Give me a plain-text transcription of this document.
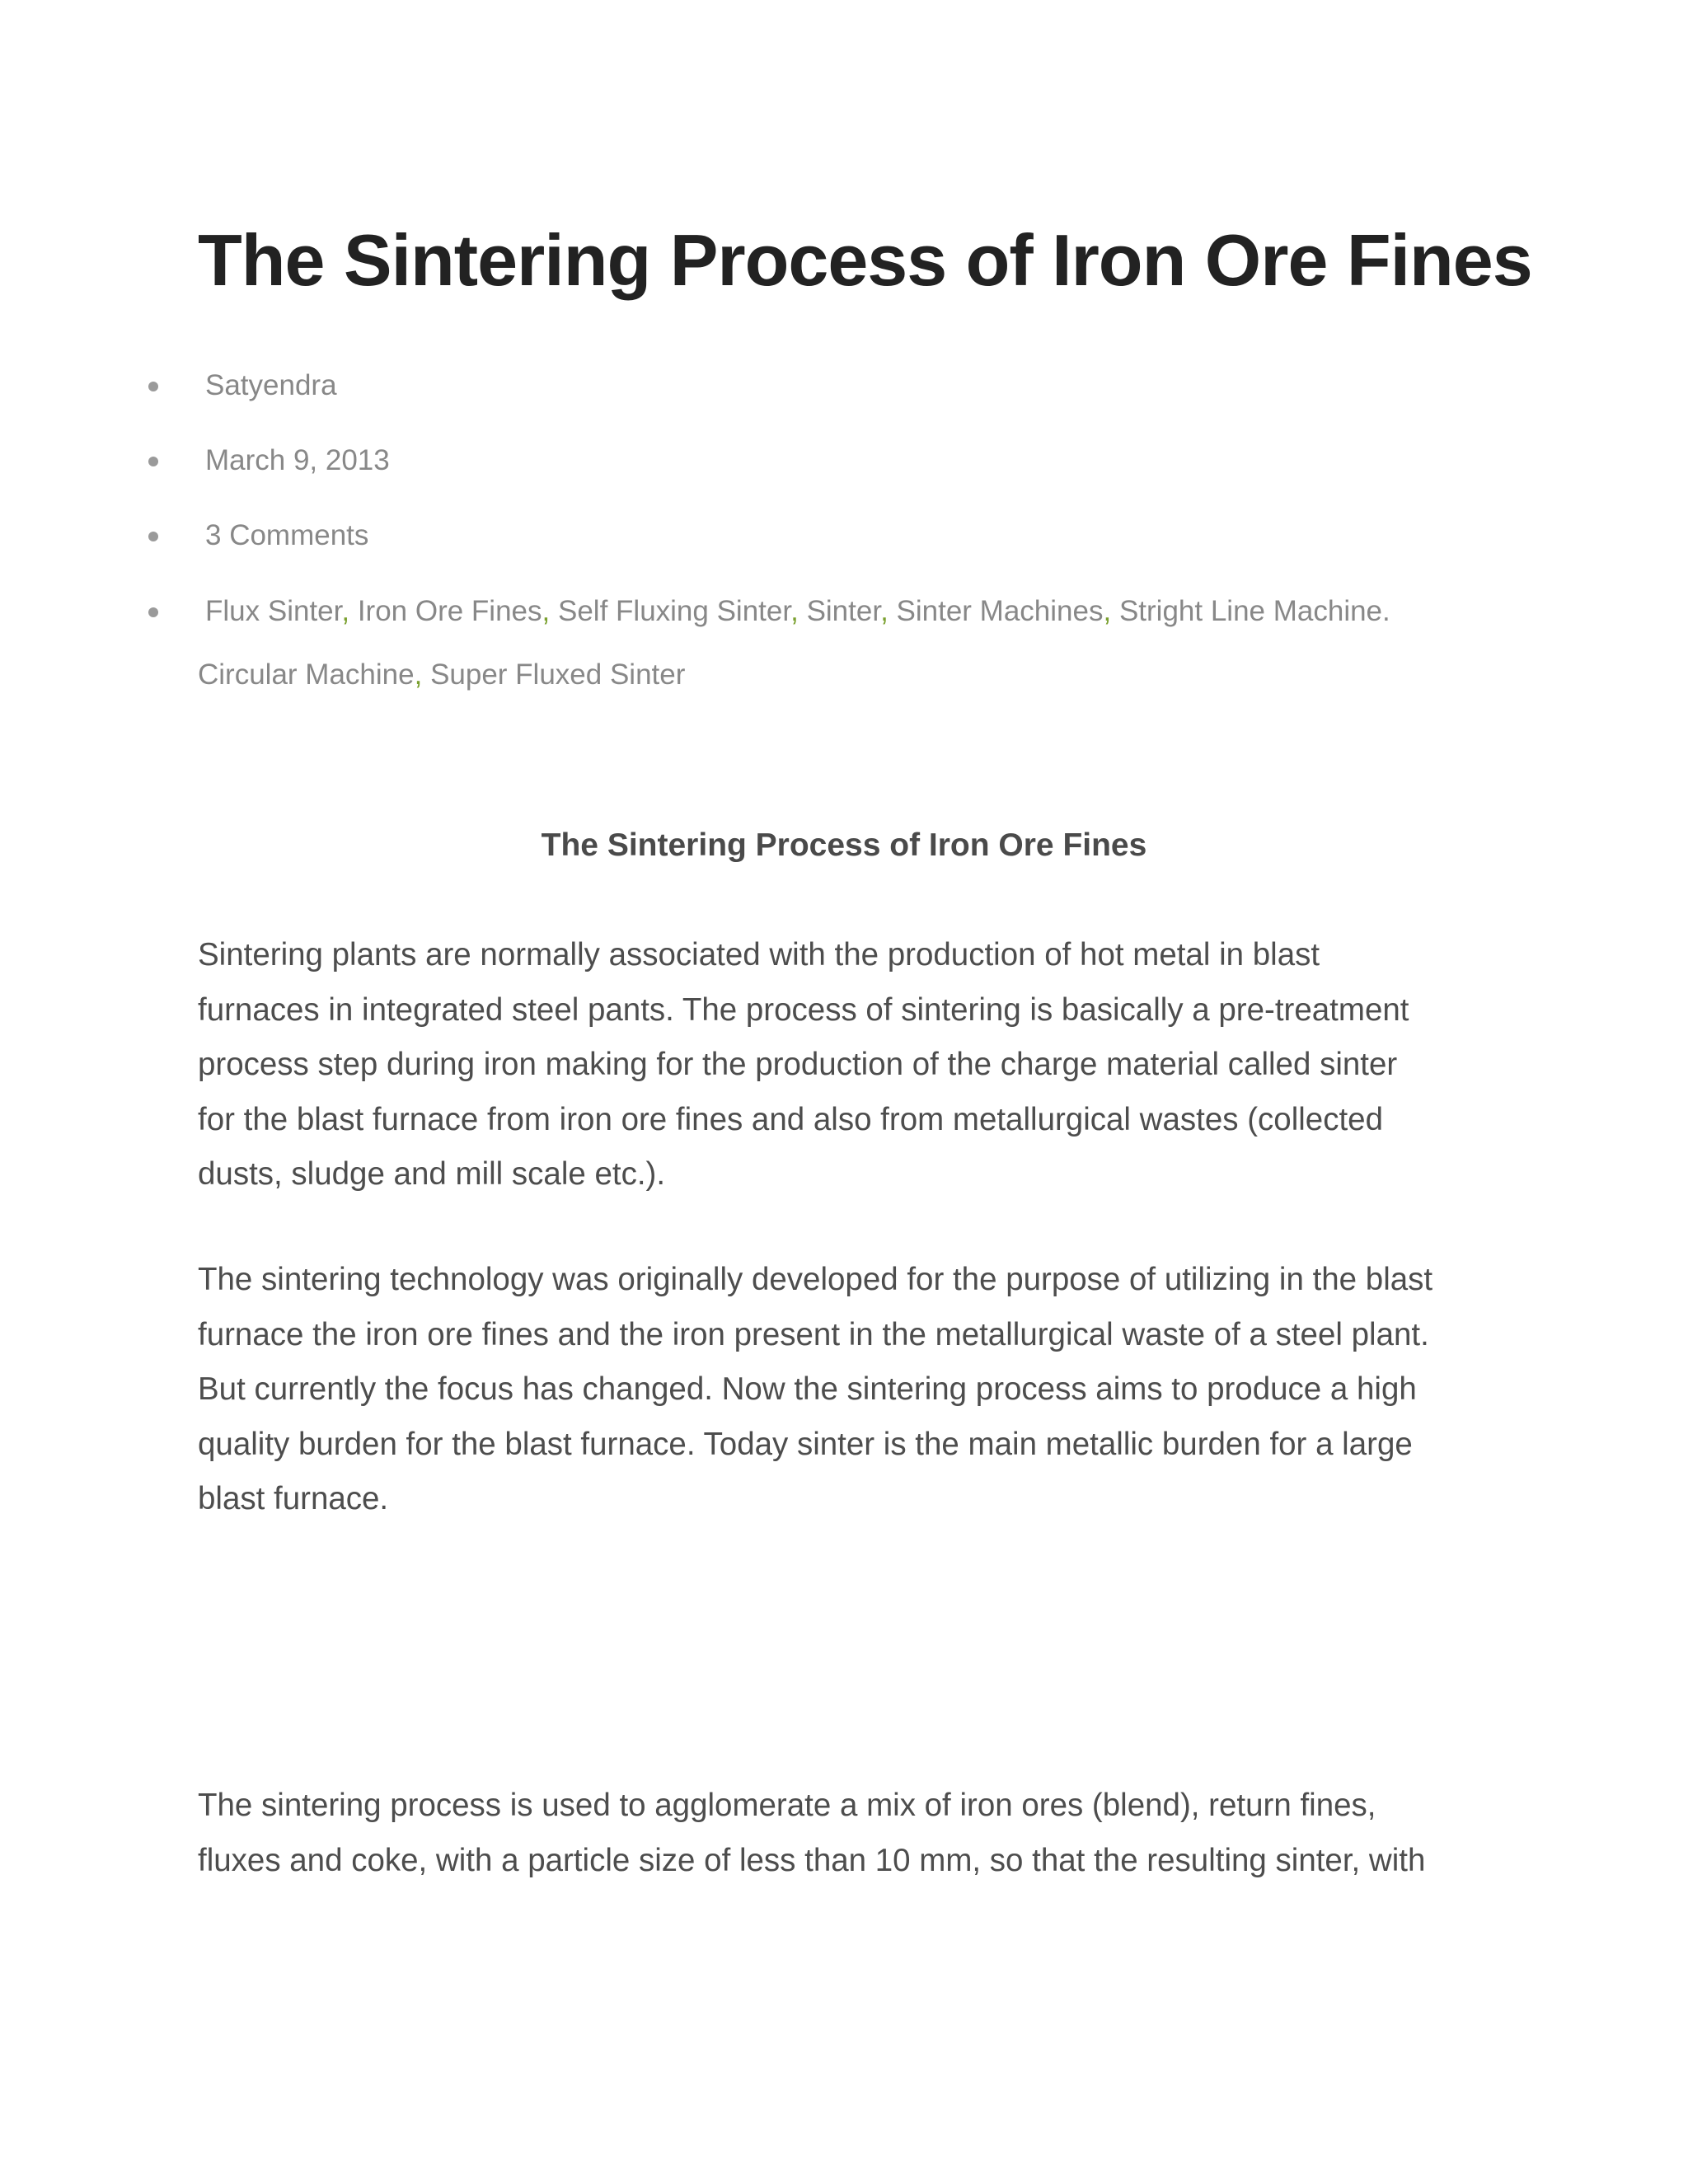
The Sintering Process of Iron Ore Fines
Satyendra
March 9, 2013
3 Comments
Flux Sinter, Iron Ore Fines, Self Fluxing Sinter, Sinter, Sinter Machines, Stright Line Machine.
Circular Machine, Super Fluxed Sinter
The Sintering Process of Iron Ore Fines

Sintering plants are normally associated with the production of hot metal in blast
furnaces in integrated steel pants. The process of sintering is basically a pre-treatment
process step during iron making for the production of the charge material called sinter
for the blast furnace from iron ore fines and also from metallurgical wastes (collected
dusts, sludge and mill scale etc.).

The sintering technology was originally developed for the purpose of utilizing in the blast
furnace the iron ore fines and the iron present in the metallurgical waste of a steel plant.
But currently the focus has changed. Now the sintering process aims to produce a high
quality burden for the blast furnace. Today sinter is the main metallic burden for a large
blast furnace.

The sintering process is used to agglomerate a mix of iron ores (blend), return fines,
fluxes and coke, with a particle size of less than 10 mm, so that the resulting sinter, with
